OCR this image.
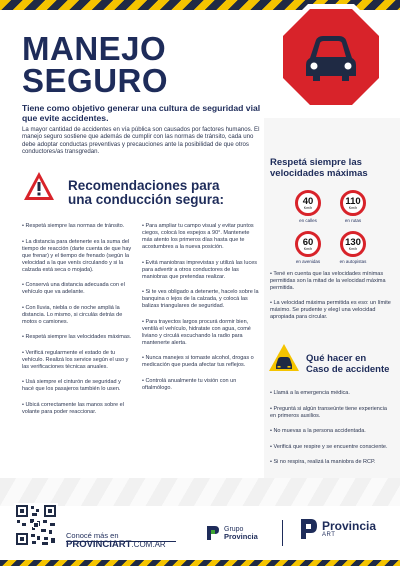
MANEJO
SEGURO
Tiene como objetivo generar una cultura de seguridad vial que evite accidentes.
La mayor cantidad de accidentes en vía pública son causados por factores humanos. El manejo seguro sostiene que además de cumplir con las normas de tránsito, cada uno debe adoptar conductas preventivas y precauciones ante la posibilidad de que otros conductores/as transgredan.
Recomendaciones para
una conducción segura:

• Respetá siempre las normas de tránsito.

• La distancia para detenerte es la suma del tiempo de reacción (darte cuenta de que hay que frenar) y el tiempo de frenado (según la velocidad a la que venís circulando y si la calzada está seca o mojada).

• Conservá una distancia adecuada con el vehículo que va adelante.

• Con lluvia, niebla o de noche ampliá la distancia. Lo mismo, si circulás detrás de motos o camiones.

• Respetá siempre las velocidades máximas.

• Verificá regularmente el estado de tu vehículo. Realizá los service según el uso y las verificaciones técnicas anuales.

• Usá siempre el cinturón de seguridad y hacé que los pasajeros también lo usen.

• Ubicá correctamente las manos sobre el volante para poder reaccionar.

• Para ampliar tu campo visual y evitar puntos ciegos, colocá los espejos a 90°. Mantenete más atento los primeros días hasta que te acostumbres a la nueva posición.

• Evitá maniobras imprevistas y utilizá las luces para advertir a otros conductores de las maniobras que pretendas realizar.

• Si te ves obligado a detenerte, hacelo sobre la banquina o lejos de la calzada, y colocá las balizas triangulares de seguridad.

• Para trayectos largos procurá dormir bien, ventilá el vehículo, hidratate con agua, comé liviano y circulá escuchando la radio para mantenerte alerta.

• Nunca manejes si tomaste alcohol, drogas o medicación que pueda afectar tus reflejos.

• Controlá anualmente tu visión con un oftalmólogo.

Respetá siempre las
velocidades máximas
40
Km/h
en calles
110
Km/h
en rutas
60
Km/h
en avenidas
130
Km/h
en autopistas

• Tené en cuenta que las velocidades mínimas permitidas son la mitad de la velocidad máxima permitida.

• La velocidad máxima permitida es eso: un límite máximo. Se prudente y elegí una velocidad apropiada para circular.

Qué hacer en
Caso de accidente

• Llamá a la emergencia médica.

• Preguntá si algún transeúnte tiene experiencia en primeros auxilios.

• No muevas a la persona accidentada.

• Verificá que respire y se encuentre consciente.

• Si no respira, realizá la maniobra de RCP.

Conocé más en
PROVINCIART.COM.AR
Grupo
Provincia
Provincia
ART
